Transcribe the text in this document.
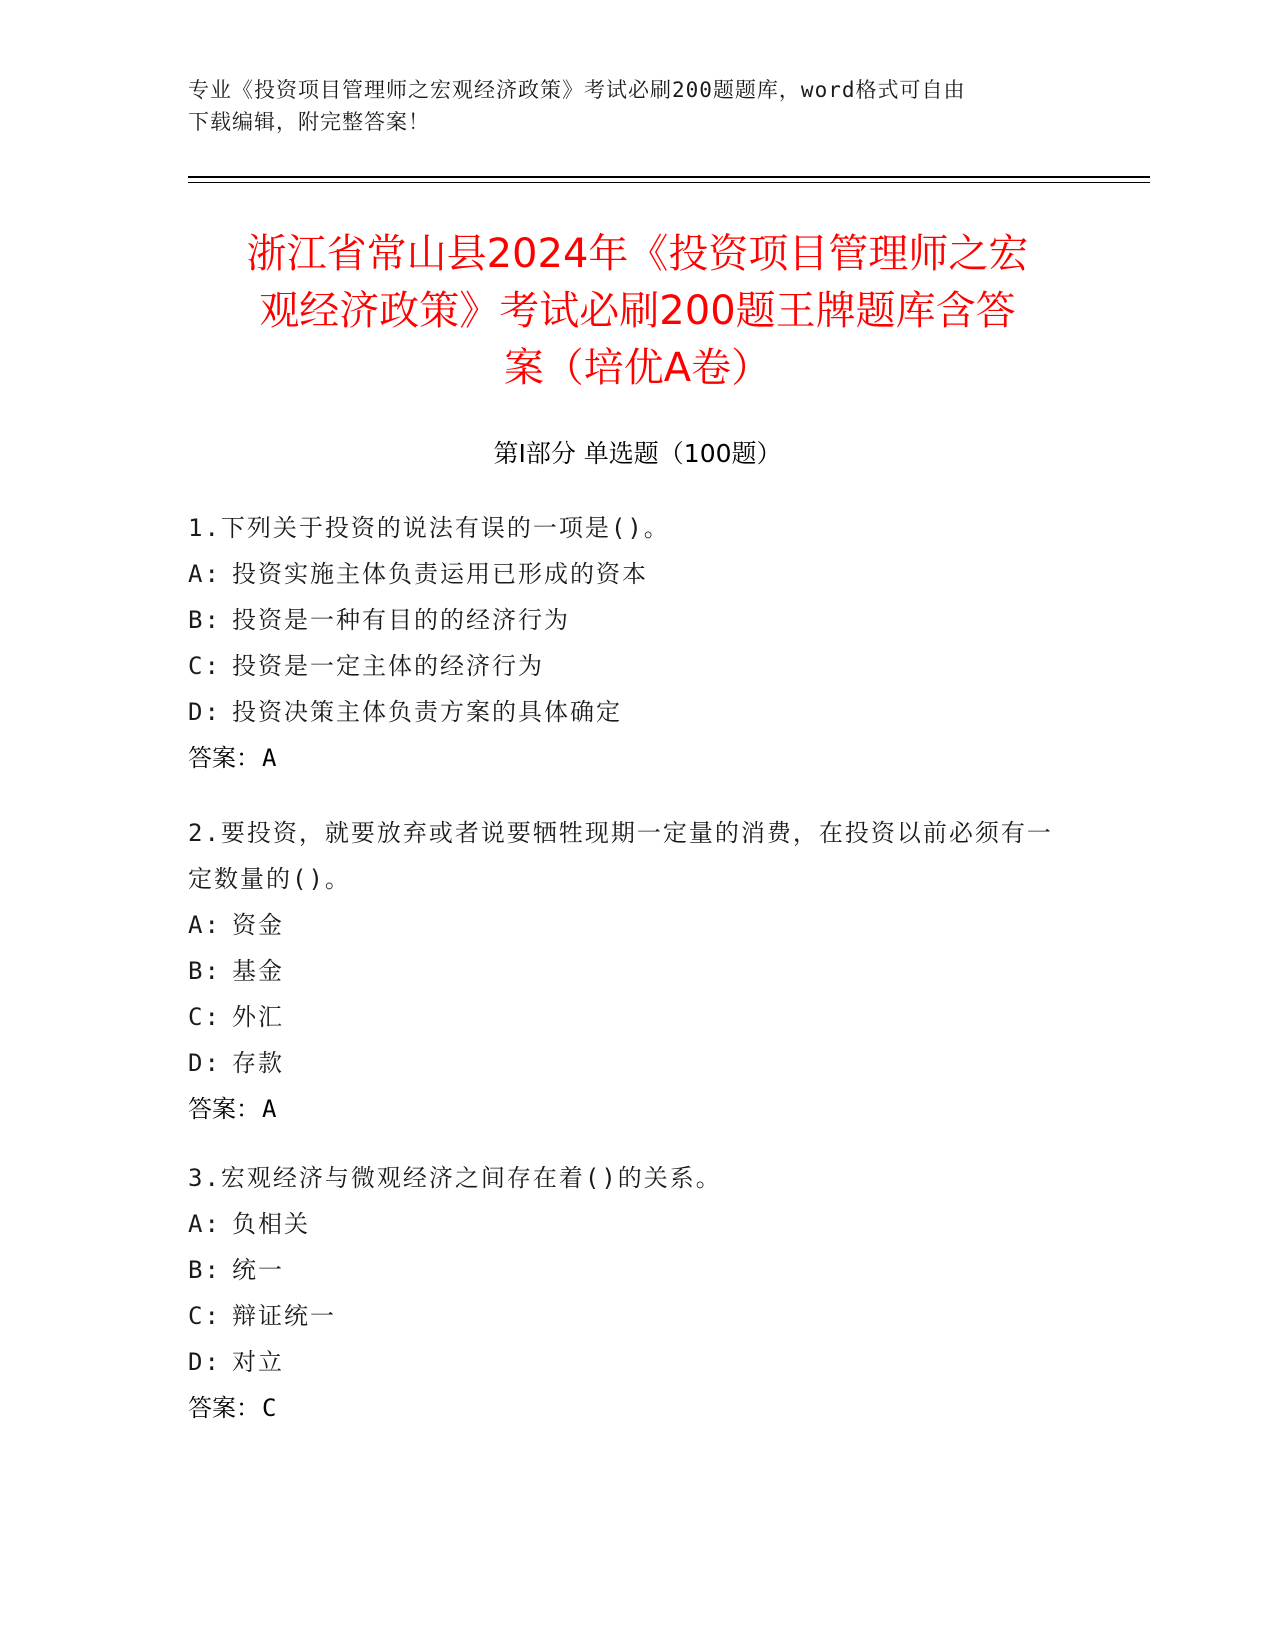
专业《投资项目管理师之宏观经济政策》考试必刷200题题库，word格式可自由
下载编辑，附完整答案！
浙江省常山县2024年《投资项目管理师之宏
观经济政策》考试必刷200题王牌题库含答
案（培优A卷）
第Ⅰ部分 单选题（100题）
1.下列关于投资的说法有误的一项是()。
A: 投资实施主体负责运用已形成的资本
B: 投资是一种有目的的经济行为
C: 投资是一定主体的经济行为
D: 投资决策主体负责方案的具体确定
答案：A
2.要投资，就要放弃或者说要牺牲现期一定量的消费，在投资以前必须有一定数量的()。
A: 资金
B: 基金
C: 外汇
D: 存款
答案：A
3.宏观经济与微观经济之间存在着()的关系。
A: 负相关
B: 统一
C: 辩证统一
D: 对立
答案：C
